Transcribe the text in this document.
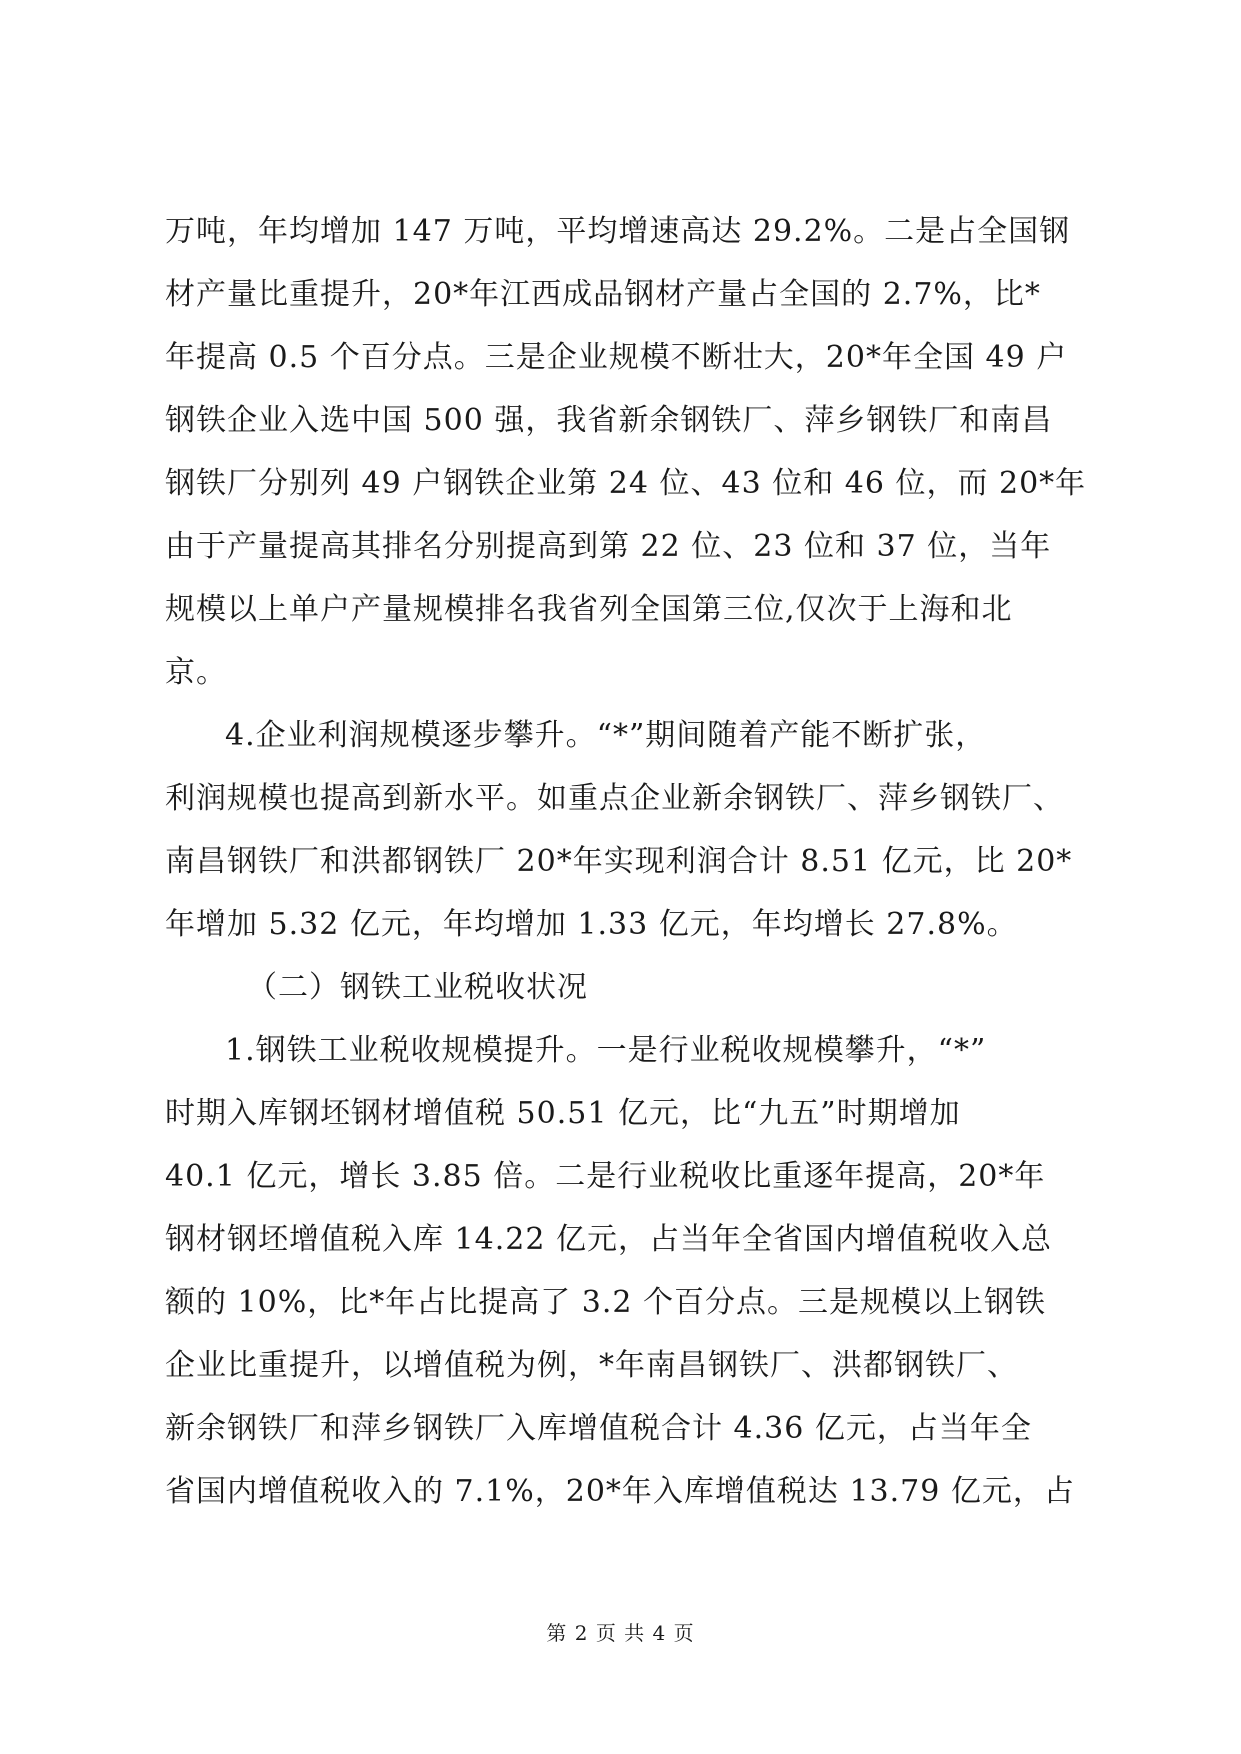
万吨，年均增加 147 万吨，平均增速高达 29.2%。二是占全国钢
材产量比重提升，20*年江西成品钢材产量占全国的 2.7%，比*
年提高 0.5 个百分点。三是企业规模不断壮大，20*年全国 49 户
钢铁企业入选中国 500 强，我省新余钢铁厂、萍乡钢铁厂和南昌
钢铁厂分别列 49 户钢铁企业第 24 位、43 位和 46 位，而 20*年
由于产量提高其排名分别提高到第 22 位、23 位和 37 位，当年
规模以上单户产量规模排名我省列全国第三位,仅次于上海和北
京。
4.企业利润规模逐步攀升。“*”期间随着产能不断扩张，
利润规模也提高到新水平。如重点企业新余钢铁厂、萍乡钢铁厂、
南昌钢铁厂和洪都钢铁厂 20*年实现利润合计 8.51 亿元，比 20*
年增加 5.32 亿元，年均增加 1.33 亿元，年均增长 27.8%。
（二）钢铁工业税收状况
1.钢铁工业税收规模提升。一是行业税收规模攀升，“*”
时期入库钢坯钢材增值税 50.51 亿元，比“九五”时期增加
40.1 亿元，增长 3.85 倍。二是行业税收比重逐年提高，20*年
钢材钢坯增值税入库 14.22 亿元，占当年全省国内增值税收入总
额的 10%，比*年占比提高了 3.2 个百分点。三是规模以上钢铁
企业比重提升，以增值税为例，*年南昌钢铁厂、洪都钢铁厂、
新余钢铁厂和萍乡钢铁厂入库增值税合计 4.36 亿元，占当年全
省国内增值税收入的 7.1%，20*年入库增值税达 13.79 亿元，占
第 2 页 共 4 页
